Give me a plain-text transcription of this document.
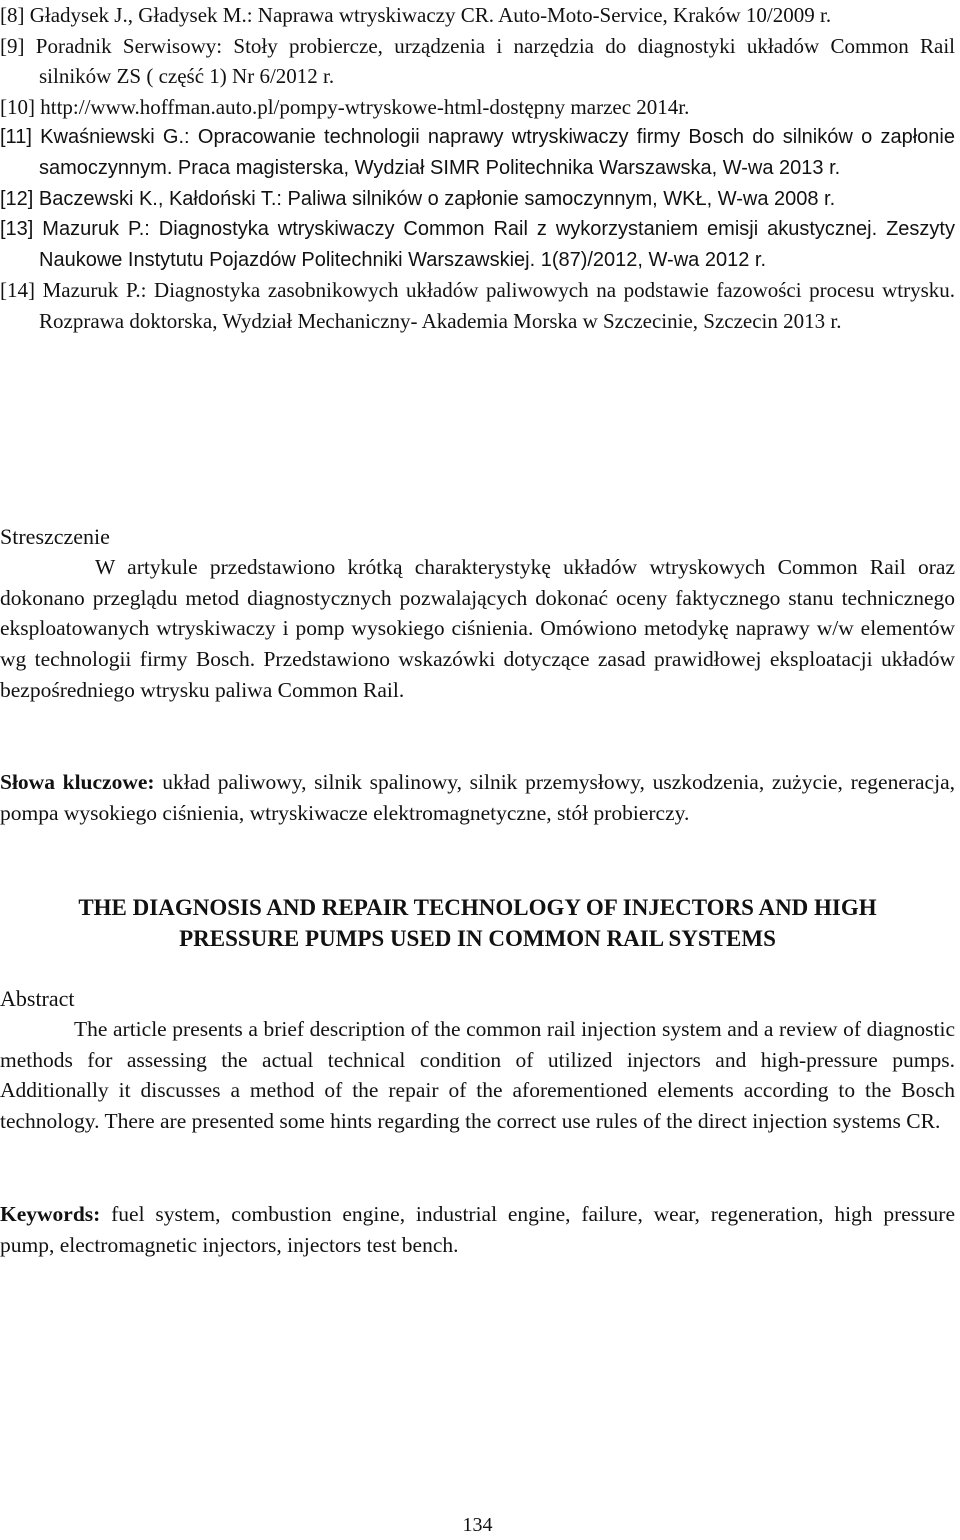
[8] Gładysek J., Gładysek M.: Naprawa wtryskiwaczy CR. Auto-Moto-Service, Kraków 10/2009 r.

[9] Poradnik Serwisowy: Stoły probiercze, urządzenia i narzędzia do diagnostyki układów Common Rail silników ZS ( część 1) Nr 6/2012 r.

[10] http://www.hoffman.auto.pl/pompy-wtryskowe-html-dostępny marzec 2014r.

[11] Kwaśniewski G.: Opracowanie technologii naprawy wtryskiwaczy firmy Bosch do silników o zapłonie samoczynnym. Praca magisterska, Wydział SIMR Politechnika Warszawska, W-wa 2013 r.

[12] Baczewski K., Kałdoński T.: Paliwa silników o zapłonie samoczynnym, WKŁ, W-wa 2008 r.

[13] Mazuruk P.: Diagnostyka wtryskiwaczy Common Rail z wykorzystaniem emisji akustycznej. Zeszyty Naukowe Instytutu Pojazdów Politechniki Warszawskiej. 1(87)/2012, W-wa 2012 r.

[14] Mazuruk P.: Diagnostyka zasobnikowych układów paliwowych na podstawie fazowości procesu wtrysku. Rozprawa doktorska, Wydział Mechaniczny- Akademia Morska w Szczecinie, Szczecin 2013 r.

Streszczenie

W artykule przedstawiono krótką charakterystykę układów wtryskowych Common Rail oraz dokonano przeglądu metod diagnostycznych pozwalających dokonać oceny faktycznego stanu technicznego eksploatowanych wtryskiwaczy i pomp wysokiego ciśnienia. Omówiono metodykę naprawy w/w elementów wg technologii firmy Bosch. Przedstawiono wskazówki dotyczące zasad prawidłowej eksploatacji układów bezpośredniego wtrysku paliwa Common Rail.

Słowa kluczowe: układ paliwowy, silnik spalinowy, silnik przemysłowy, uszkodzenia, zużycie, regeneracja, pompa wysokiego ciśnienia, wtryskiwacze elektromagnetyczne, stół probierczy.

THE DIAGNOSIS AND REPAIR TECHNOLOGY OF INJECTORS AND HIGH
PRESSURE PUMPS USED IN COMMON RAIL SYSTEMS

Abstract

The article presents a brief description of the common rail injection system and a review of diagnostic methods for assessing the actual technical condition of utilized injectors and high-pressure pumps. Additionally it discusses a method of the repair of the aforementioned elements according to the Bosch technology. There are presented some hints regarding the correct use rules of the direct injection systems CR.

Keywords: fuel system, combustion engine, industrial engine, failure, wear, regeneration, high pressure pump, electromagnetic injectors, injectors test bench.

134
